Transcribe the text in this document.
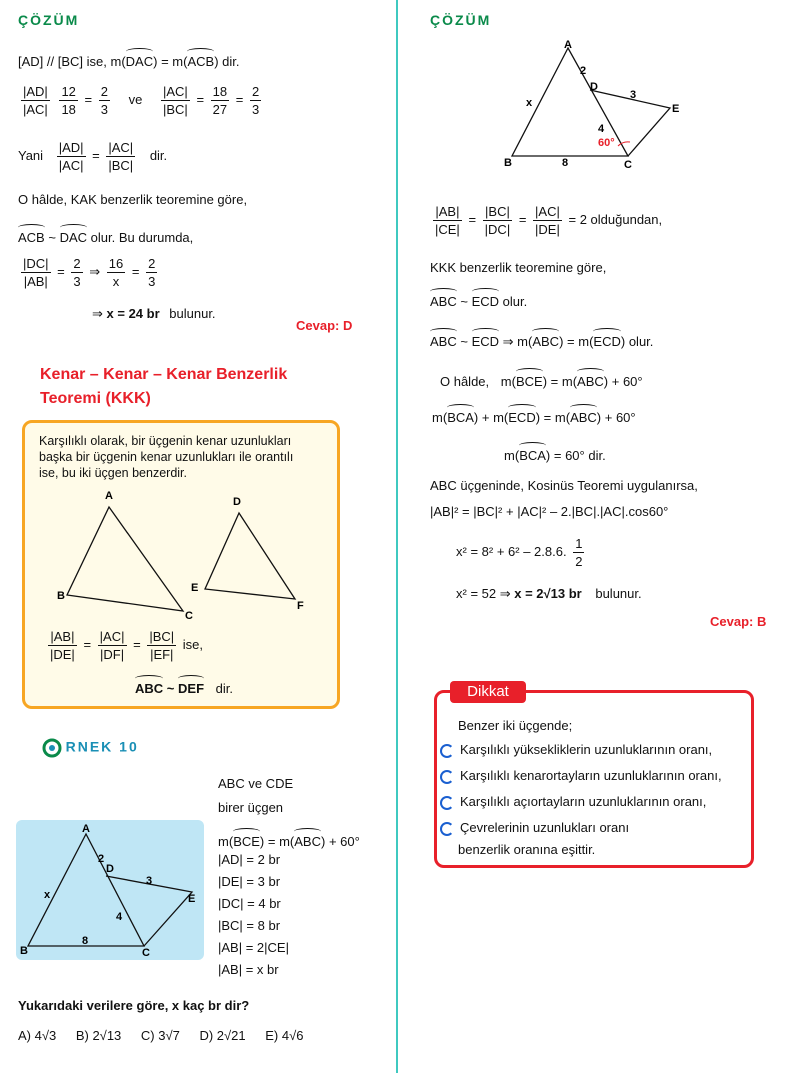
ÇÖZÜM
[AD] // [BC] ise, m(DAC) = m(ACB) dir.
$\frac{|AD|}{|AC|}$
$\frac{12}{18} = \frac{2}{3}$ ve $\frac{|AC|}{|BC|} = \frac{18}{27} = \frac{2}{3}$
Yani $\frac{|AD|}{|AC|} = \frac{|AC|}{|BC|}$ dir.
O hâlde, KAK benzerlik teoremine göre,
ACB ~ DAC olur. Bu durumda,
$\frac{|DC|}{|AB|} = \frac{2}{3}$ ⇒ $\frac{16}{x} = \frac{2}{3}$
⇒ x = 24 br bulunur.
Cevap: D
Kenar – Kenar – Kenar Benzerlik
Teoremi (KKK)
Karşılıklı olarak, bir üçgenin kenar uzunlukları
başka bir üçgenin kenar uzunlukları ile orantılı
ise, bu iki üçgen benzerdir.
A
B
C
D
E
F
$\frac{|AB|}{|DE|} = \frac{|AC|}{|DF|} = \frac{|BC|}{|EF|}$ ise,
ABC ~ DEF dir.
RNEK 10
ABC ve CDE
birer üçgen
m(BCE) = m(ABC) + 60°
|AD| = 2 br
|DE| = 3 br
|DC| = 4 br
|BC| = 8 br
|AB| = 2|CE|
|AB| = x br
A
B	C
D
E
x
2
3
4
8
Yukarıdaki verilere göre, x kaç br dir?
A) 4√3 B) 2√13 C) 3√7 D) 2√21 E) 4√6
ÇÖZÜM
A
B	C
D
E
x
2
3
4
60°
8
$\frac{|AB|}{|CE|} = \frac{|BC|}{|DC|} = \frac{|AC|}{|DE|} = 2$ olduğundan,
KKK benzerlik teoremine göre,
ABC ~ ECD olur.
ABC ~ ECD ⇒ m(ABC) = m(ECD) olur.
O hâlde, m(BCE) = m(ABC) + 60°
m(BCA) + m(ECD) = m(ABC) + 60°
m(BCA) = 60° dir.
ABC üçgeninde, Kosinüs Teoremi uygulanırsa,
|AB|² = |BC|² + |AC|² – 2.|BC|.|AC|.cos60°
x² = 8² + 6² – 2.8.6. $\frac{1}{2}$
x² = 52 ⇒ x = 2√13 br bulunur.
Cevap: B
Dikkat
Benzer iki üçgende;
Karşılıklı yüksekliklerin uzunluklarının oranı,
Karşılıklı kenarortayların uzunluklarının oranı,
Karşılıklı açıortayların uzunluklarının oranı,
Çevrelerinin uzunlukları oranı
benzerlik oranına eşittir.
